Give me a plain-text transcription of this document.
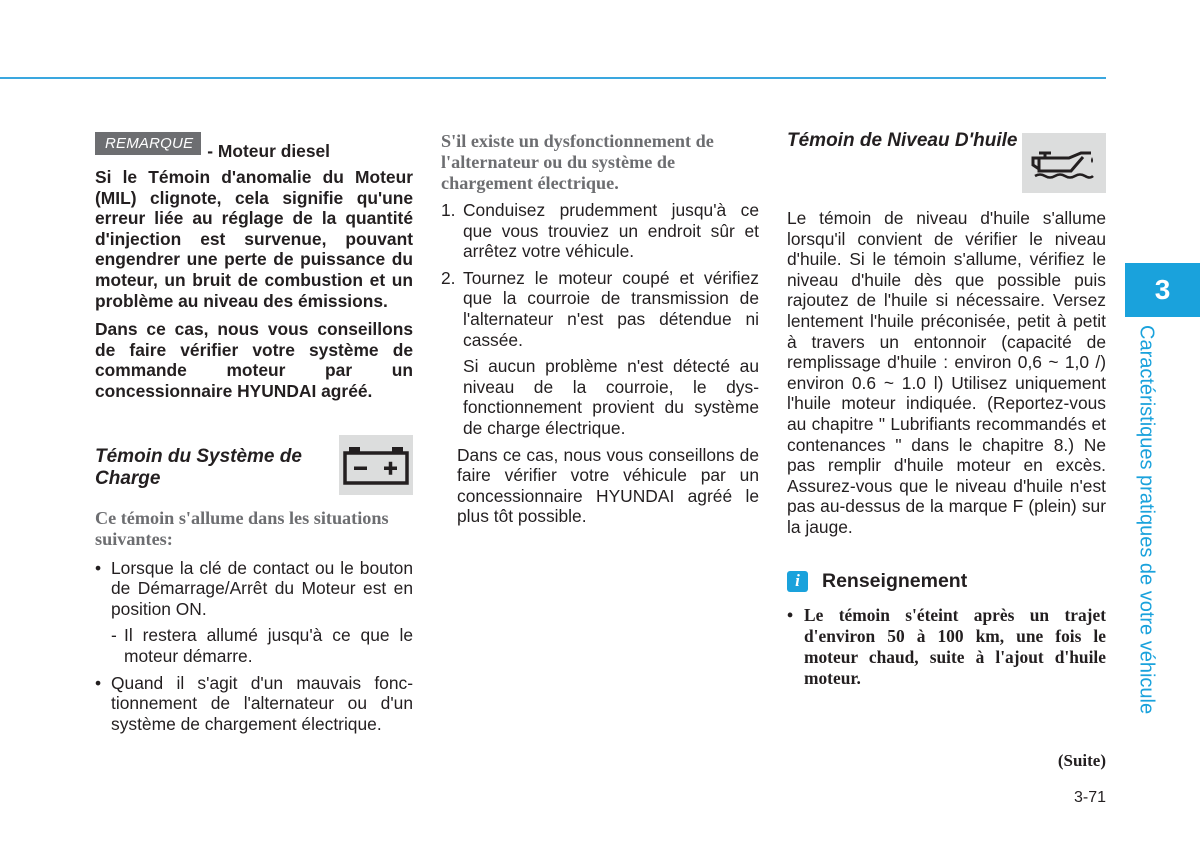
REMARQUE - Moteur diesel

Si le Témoin d'anomalie du Moteur (MIL) clignote, cela signifie qu'une erreur liée au réglage de la quantité d'injection est survenue, pouvant engendrer une perte de puissance du moteur, un bruit de combustion et un problème au niveau des émissions.

Dans ce cas, nous vous conseillons de faire vérifier votre système de commande moteur par un concessionnaire HYUNDAI agréé.

Témoin du Système de Charge
Ce témoin s'allume dans les situations suivantes:
• Lorsque la clé de contact ou le bouton de Démarrage/Arrêt du Moteur est en position ON.
- Il restera allumé jusqu'à ce que le moteur démarre.
• Quand il s'agit d'un mauvais fonctionnement de l'alternateur ou d'un système de chargement électrique.
S'il existe un dysfonctionnement de l'alternateur ou du système de chargement électrique.
1. Conduisez prudemment jusqu'à ce que vous trouviez un endroit sûr et arrêtez votre véhicule.
2. Tournez le moteur coupé et vérifiez que la courroie de transmission de l'alternateur n'est pas détendue ni cassée.
Si aucun problème n'est détecté au niveau de la courroie, le dysfonctionnement provient du système de charge électrique.

Dans ce cas, nous vous conseillons de faire vérifier votre véhicule par un concessionnaire HYUNDAI agréé le plus tôt possible.

Témoin de Niveau D'huile

Le témoin de niveau d'huile s'allume lorsqu'il convient de vérifier le niveau d'huile. Si le témoin s'allume, vérifiez le niveau d'huile dès que possible puis rajoutez de l'huile si nécessaire. Versez lentement l'huile préconisée, petit à petit à travers un entonnoir (capacité de remplissage d'huile : environ 0,6 ~ 1,0 /) environ 0.6 ~ 1.0 l) Utilisez uniquement l'huile moteur indiquée. (Reportez-vous au chapitre " Lubrifiants recommandés et contenances " dans le chapitre 8.) Ne pas remplir d'huile moteur en excès. Assurez-vous que le niveau d'huile n'est pas au-dessus de la marque F (plein) sur la jauge.

i	Renseignement
• Le témoin s'éteint après un trajet d'environ 50 à 100 km, une fois le moteur chaud, suite à l'ajout d'huile moteur.
(Suite)
3-71
3
Caractéristiques pratiques de votre véhicule
